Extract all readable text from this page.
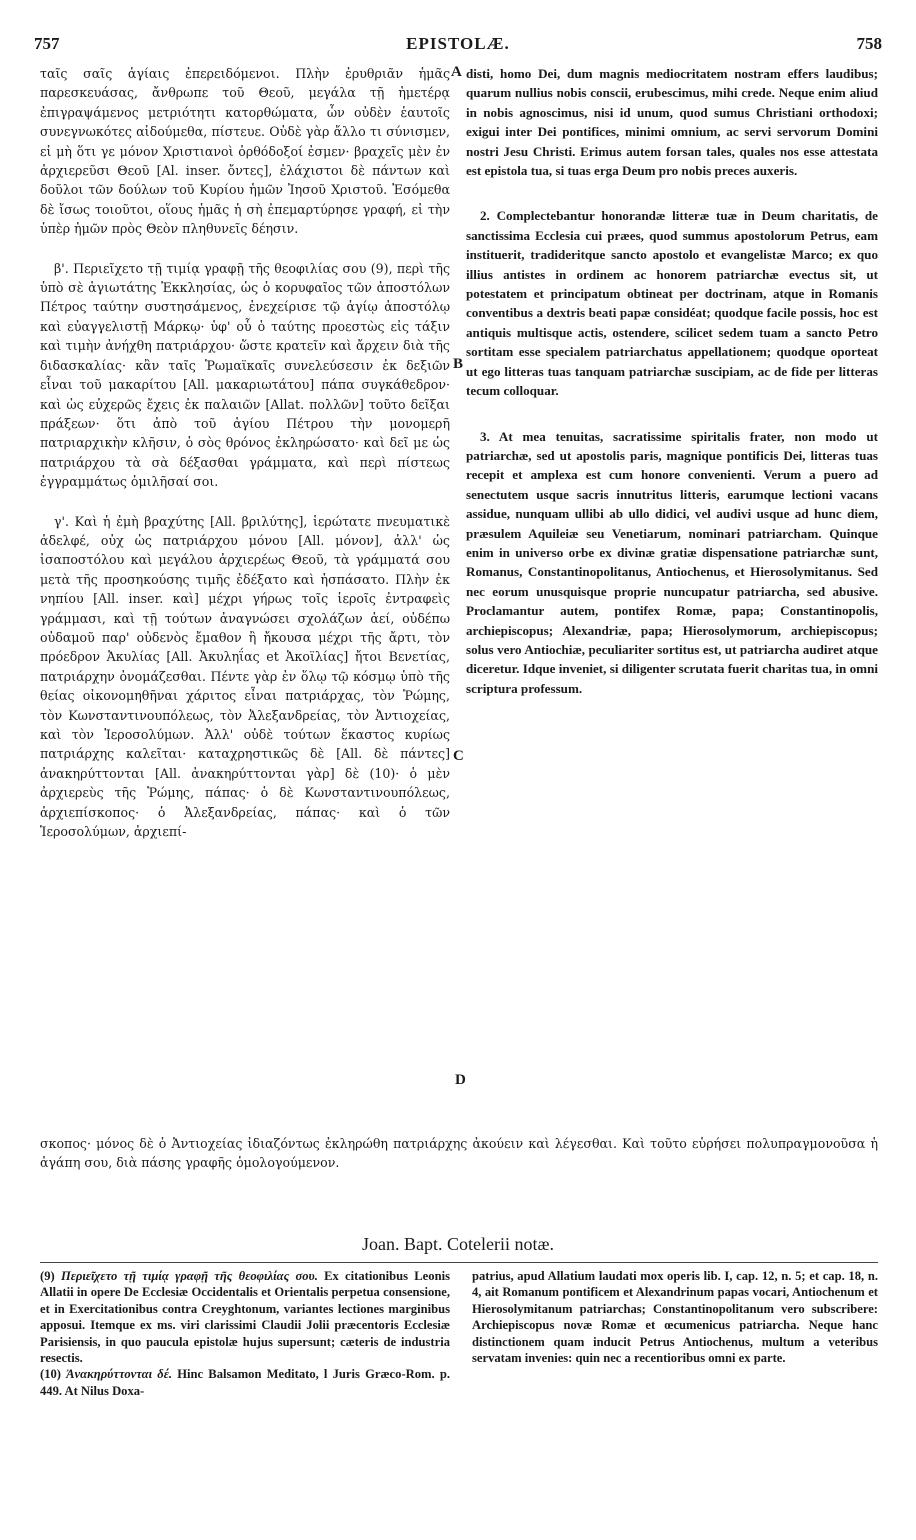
757	EPISTOLÆ.	758

ταῖς σαῖς ἁγίαις ἐπερειδόμενοι. Πλὴν ἐρυθριᾶν ἡμᾶς παρεσκευάσας, ἄνθρωπε τοῦ Θεοῦ, μεγάλα τῇ ἡμετέρᾳ ἐπιγραψάμενος μετριότητι κατορθώματα, ὧν οὐδὲν ἑαυτοῖς συνεγνωκότες αἰδούμεθα, πίστευε. Οὐδὲ γὰρ ἄλλο τι σύνισμεν, εἰ μὴ ὅτι γε μόνον Χριστιανοὶ ὀρθόδοξοί ἐσμεν· βραχεῖς μὲν ἐν ἀρχιερεῦσι Θεοῦ [Al. inser. ὄντες], ἐλάχιστοι δὲ πάντων καὶ δοῦλοι τῶν δούλων τοῦ Κυρίου ἡμῶν Ἰησοῦ Χριστοῦ. Ἐσόμεθα δὲ ἴσως τοιοῦτοι, οἵους ἡμᾶς ἡ σὴ ἐπεμαρτύρησε γραφή, εἰ τὴν ὑπὲρ ἡμῶν πρὸς Θεὸν πληθυνεῖς δέησιν.

β'. Περιεῖχετο τῇ τιμίᾳ γραφῇ τῆς θεοφιλίας σου (9), περὶ τῆς ὑπὸ σὲ ἁγιωτάτης Ἐκκλησίας, ὡς ὁ κορυφαῖος τῶν ἀποστόλων Πέτρος ταύτην συστησάμενος, ἐνεχείρισε τῷ ἁγίῳ ἀποστόλῳ καὶ εὐαγγελιστῇ Μάρκῳ· ὑφ' οὗ ὁ ταύτης προεστὼς εἰς τάξιν καὶ τιμὴν ἀνήχθη πατριάρχου· ὥστε κρατεῖν καὶ ἄρχειν διὰ τῆς διδασκαλίας· κἂν ταῖς Ῥωμαϊκαῖς συνελεύσεσιν ἐκ δεξιῶν εἶναι τοῦ μακαρίτου [All. μακαριωτάτου] πάπα συγκάθεδρον· καὶ ὡς εὐχερῶς ἔχεις ἐκ παλαιῶν [Allat. πολλῶν] τοῦτο δεῖξαι πράξεων· ὅτι ἀπὸ τοῦ ἁγίου Πέτρου τὴν μονομερῆ πατριαρχικὴν κλῆσιν, ὁ σὸς θρόνος ἐκληρώσατο· καὶ δεῖ με ὡς πατριάρχου τὰ σὰ δέξασθαι γράμματα, καὶ περὶ πίστεως ἐγγραμμάτως ὁμιλῆσαί σοι.

γ'. Καὶ ἡ ἐμὴ βραχύτης [All. βριλύτης], ἱερώτατε πνευματικὲ ἀδελφέ, οὐχ ὡς πατριάρχου μόνου [All. μόνον], ἀλλ' ὡς ἰσαποστόλου καὶ μεγάλου ἀρχιερέως Θεοῦ, τὰ γράμματά σου μετὰ τῆς προσηκούσης τιμῆς ἐδέξατο καὶ ἠσπάσατο. Πλὴν ἐκ νηπίου [All. inser. καὶ] μέχρι γήρως τοῖς ἱεροῖς ἐντραφεὶς γράμμασι, καὶ τῇ τούτων ἀναγνώσει σχολάζων ἀεί, οὐδέπω οὐδαμοῦ παρ' οὐδενὸς ἔμαθον ἢ ἤκουσα μέχρι τῆς ἄρτι, τὸν πρόεδρον Ἀκυλίας [All. Ἀκυληΐας et Ἀκοϊλίας] ἤτοι Βενετίας, πατριάρχην ὀνομάζεσθαι. Πέντε γὰρ ἐν ὅλῳ τῷ κόσμῳ ὑπὸ τῆς θείας οἰκονομηθῆναι χάριτος εἶναι πατριάρχας, τὸν Ῥώμης, τὸν Κωνσταντινουπόλεως, τὸν Ἀλεξανδρείας, τὸν Ἀντιοχείας, καὶ τὸν Ἱεροσολύμων. Ἀλλ' οὐδὲ τούτων ἕκαστος κυρίως πατριάρχης καλεῖται· καταχρηστικῶς δὲ [All. δὲ πάντες] ἀνακηρύττονται [All. ἀνακηρύττονται γὰρ] δὲ (10)· ὁ μὲν ἀρχιερεὺς τῆς Ῥώμης, πάπας· ὁ δὲ Κωνσταντινουπόλεως, ἀρχιεπίσκοπος· ὁ Ἀλεξανδρείας, πάπας· καὶ ὁ τῶν Ἱεροσολύμων, ἀρχιεπί-

disti, homo Dei, dum magnis mediocritatem nostram effers laudibus; quarum nullius nobis conscii, erubescimus, mihi crede. Neque enim aliud in nobis agnoscimus, nisi id unum, quod sumus Christiani orthodoxi; exigui inter Dei pontifices, minimi omnium, ac servi servorum Domini nostri Jesu Christi. Erimus autem forsan tales, quales nos esse attestata est epistola tua, si tuas erga Deum pro nobis preces auxeris.

2. Complectebantur honorandæ litteræ tuæ in Deum charitatis, de sanctissima Ecclesia cui præes, quod summus apostolorum Petrus, eam instituerit, tradideritque sancto apostolo et evangelistæ Marco; ex quo illius antistes in ordinem ac honorem patriarchæ evectus sit, ut potestatem et principatum obtineat per doctrinam, atque in Romanis conventibus a dextris beati papæ considéat; quodque facile possis, hoc est antiquis multisque actis, ostendere, scilicet sedem tuam a sancto Petro sortitam esse specialem patriarchatus appellationem; quodque oporteat ut ego litteras tuas tanquam patriarchæ suscipiam, ac de fide per litteras tecum colloquar.

3. At mea tenuitas, sacratissime spiritalis frater, non modo ut patriarchæ, sed ut apostolis paris, magnique pontificis Dei, litteras tuas recepit et amplexa est cum honore convenienti. Verum a puero ad senectutem usque sacris innutritus litteris, earumque lectioni vacans assidue, nunquam ullibi ab ullo didici, vel audivi usque ad hunc diem, præsulem Aquileiæ seu Venetiarum, nominari patriarcham. Quinque enim in universo orbe ex divinæ gratiæ dispensatione patriarchæ sunt, Romanus, Constantinopolitanus, Antiochenus, et Hierosolymitanus. Sed nec eorum unusquisque proprie nuncupatur patriarcha, sed abusive. Proclamantur autem, pontifex Romæ, papa; Constantinopolis, archiepiscopus; Alexandriæ, papa; Hierosolymorum, archiepiscopus; solus vero Antiochiæ, peculiariter sortitus est, ut patriarcha audiret atque diceretur. Idque inveniet, si diligenter scrutata fuerit charitas tua, in omni scriptura professum.

A
B
C
D
σκοπος· μόνος δὲ ὁ Ἀντιοχείας ἰδιαζόντως ἐκληρώθη πατριάρχης ἀκούειν καὶ λέγεσθαι. Καὶ τοῦτο εὑρήσει πολυπραγμονοῦσα ἡ ἀγάπη σου, διὰ πάσης γραφῆς ὁμολογούμενον.
Joan. Bapt. Cotelerii notæ.

(9) Περιεῖχετο τῇ τιμίᾳ γραφῇ τῆς θεοφιλίας σου. Ex citationibus Leonis Allatii in opere De Ecclesiæ Occidentalis et Orientalis perpetua consensione, et in Exercitationibus contra Creyghtonum, variantes lectiones marginibus apposui. Itemque ex ms. viri clarissimi Claudii Jolii præcentoris Ecclesiæ Parisiensis, in quo paucula epistolæ hujus supersunt; cæteris de industria resectis.

(10) Ἀνακηρύττονται δέ. Hinc Balsamon Meditato, l Juris Græco-Rom. p. 449. At Nilus Doxa-

patrius, apud Allatium laudati mox operis lib. I, cap. 12, n. 5; et cap. 18, n. 4, ait Romanum pontificem et Alexandrinum papas vocari, Antiochenum et Hierosolymitanum patriarchas; Constantinopolitanum vero subscribere: Archiepiscopus novæ Romæ et œcumenicus patriarcha. Neque hanc distinctionem quam inducit Petrus Antiochenus, multum a veteribus servatam invenies: quin nec a recentioribus omni ex parte.
